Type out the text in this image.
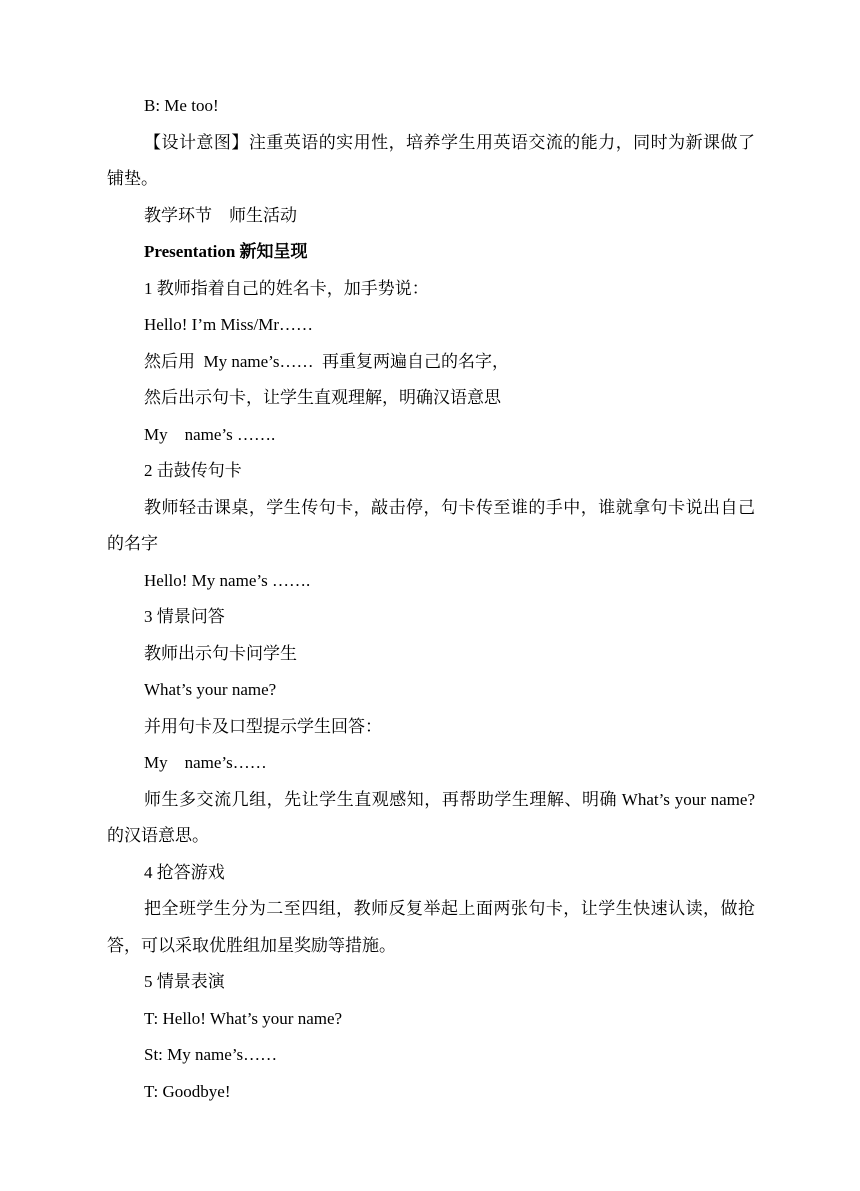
B: Me too!
【设计意图】注重英语的实用性，培养学生用英语交流的能力，同时为新课做了铺垫。
教学环节　师生活动
Presentation 新知呈现
1 教师指着自己的姓名卡，加手势说：
Hello! I’m Miss/Mr……
然后用  My name’s……  再重复两遍自己的名字，
然后出示句卡，让学生直观理解，明确汉语意思
My　name’s …….
2 击鼓传句卡
教师轻击课桌，学生传句卡，敲击停，句卡传至谁的手中，谁就拿句卡说出自己的名字
Hello! My name’s …….
3 情景问答
教师出示句卡问学生
What’s your name?
并用句卡及口型提示学生回答：
My　name’s……
师生多交流几组，先让学生直观感知，再帮助学生理解、明确 What’s your name?的汉语意思。
4 抢答游戏
把全班学生分为二至四组，教师反复举起上面两张句卡，让学生快速认读，做抢答，可以采取优胜组加星奖励等措施。
5 情景表演
T: Hello! What’s your name?
St: My name’s……
T: Goodbye!
